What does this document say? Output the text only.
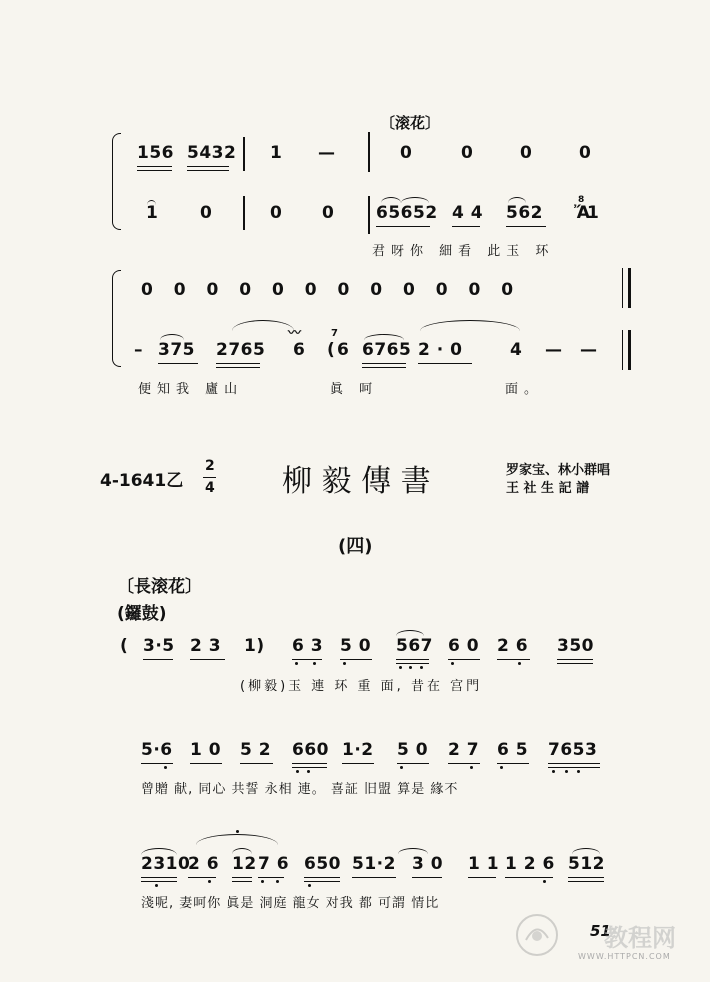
〔滚花〕
156 5432 1 —	0	0	0	0
1 0	0 0 65652 4 4 562
8
Ἄ
1
君呀你 細看 此玉 环
0 0 0 0 0 0 0 0 0 0 0 0
– 375 2765
〰
6
7
( 6 6765 2 · 0	4 — —
便知我 廬山	眞 呵	面。
4-1641乙
2
4 柳 毅 傳 書	罗家宝、林小群唱
王 社 生 記 譜
(四)
〔長滚花〕
(鑼鼓)
( 3·5 2 3 1) 6 3 5 0 567 6 0 2 6 350
(柳毅)玉 連 环 重 面, 昔在 宫門
5·6 1 0 5 2 660 1·2 5 0 2 7 6 5 7653
曾贈 献, 同心 共誓 永相 連。 喜証 旧盟 算是 緣不
2310
2 6 12 7 6 650 51·2 3 0 1 1 1 2 6 512
淺呢, 妻呵你 眞是 洞庭 龍女 对我 都 可謂 情比
51
教程网
WWW.HTTPCN.COM
